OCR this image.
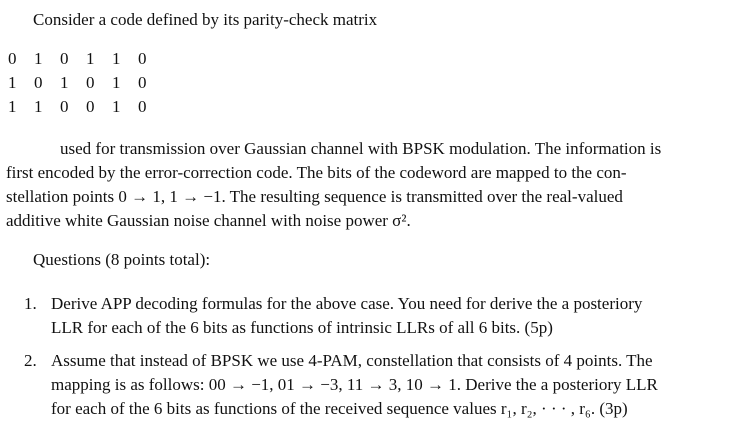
Consider a code defined by its parity-check matrix
0	1	0	1	1	0
1	0	1	0	1	0
1	1	0	0	1	0
used for transmission over Gaussian channel with BPSK modulation. The information is
first encoded by the error-correction code. The bits of the codeword are mapped to the con-
stellation points 0 → 1, 1 → −1. The resulting sequence is transmitted over the real-valued
additive white Gaussian noise channel with noise power σ².
Questions (8 points total):
1. Derive APP decoding formulas for the above case. You need for derive the a posteriory
LLR for each of the 6 bits as functions of intrinsic LLRs of all 6 bits. (5p)
2. Assume that instead of BPSK we use 4-PAM, constellation that consists of 4 points. The
mapping is as follows: 00 → −1, 01 → −3, 11 → 3, 10 → 1. Derive the a posteriory LLR
for each of the 6 bits as functions of the received sequence values r₁, r₂, · · · , r₆. (3p)
